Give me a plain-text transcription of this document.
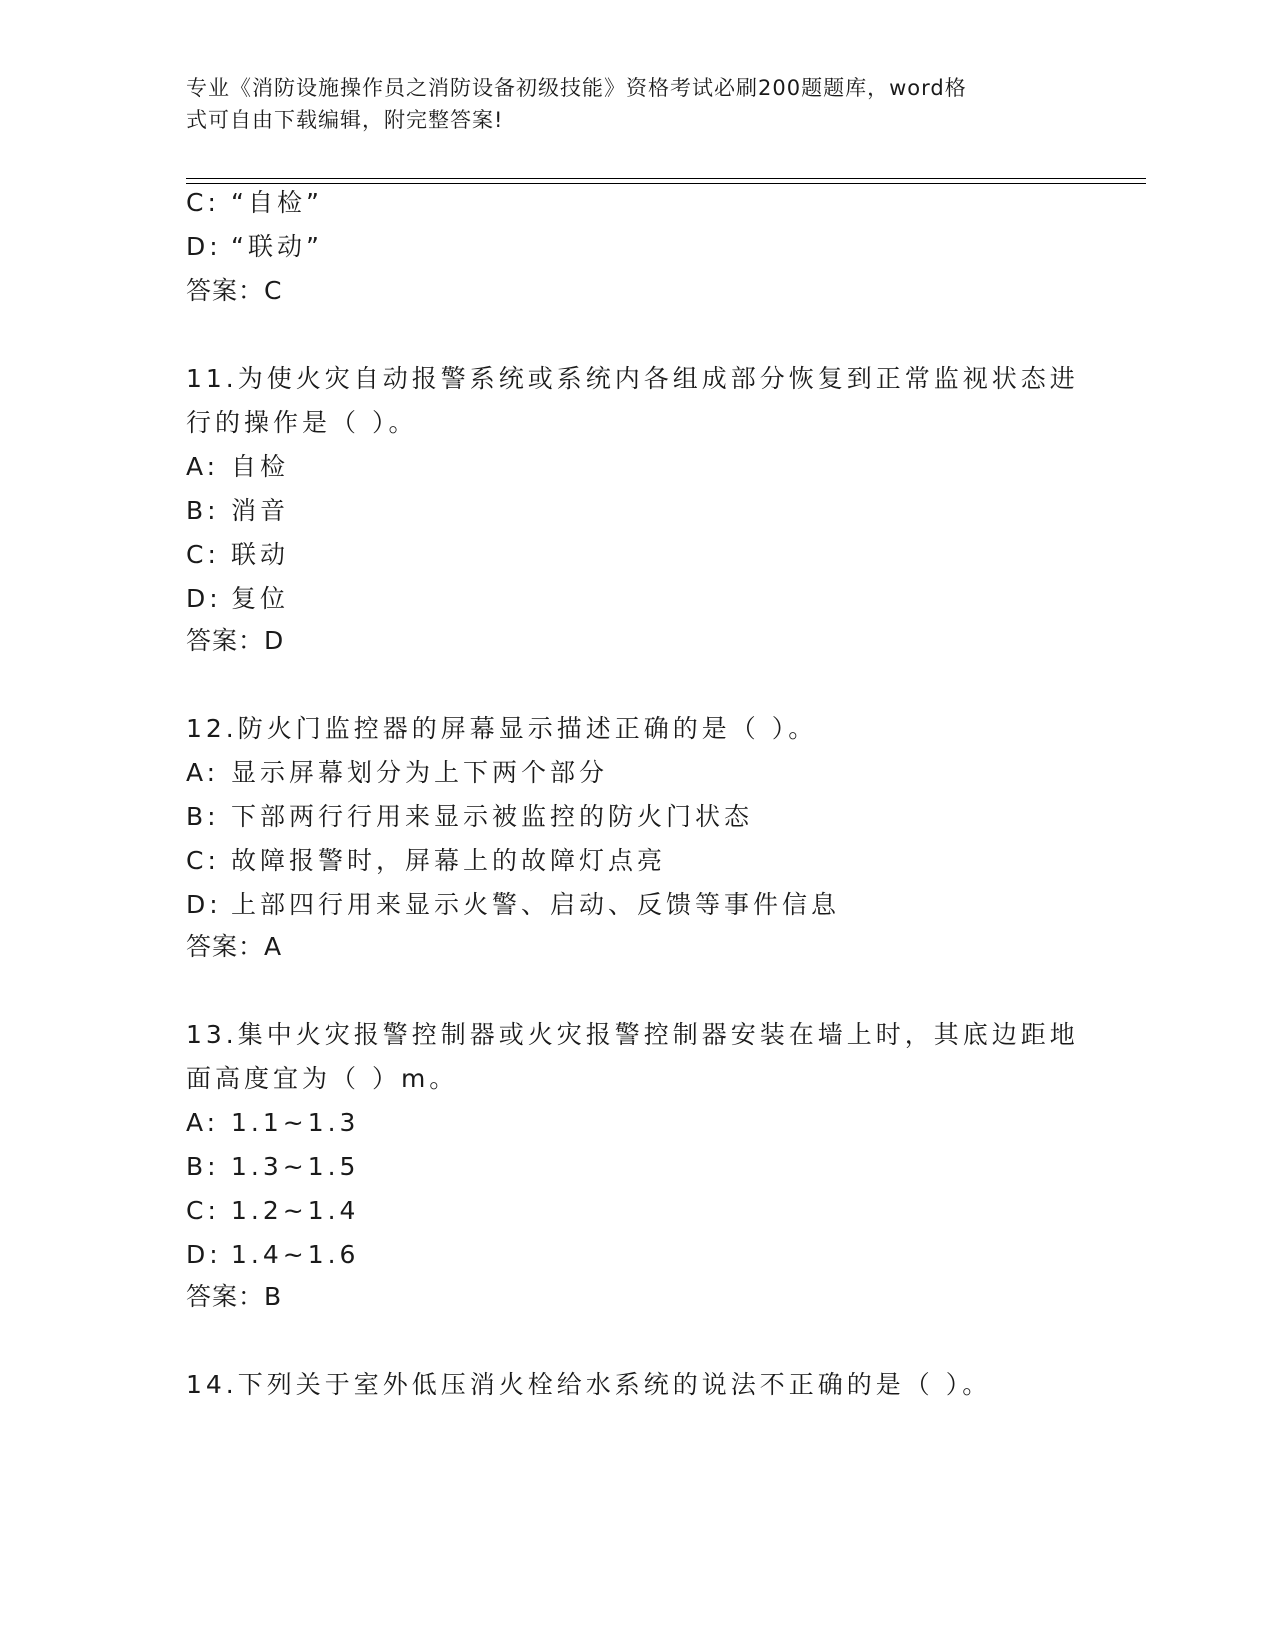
专业《消防设施操作员之消防设备初级技能》资格考试必刷200题题库，word格
式可自由下载编辑，附完整答案!
C: “自检”
D: “联动”
答案：C
11.为使火灾自动报警系统或系统内各组成部分恢复到正常监视状态进
行的操作是（ ）。
A: 自检
B: 消音
C: 联动
D: 复位
答案：D
12.防火门监控器的屏幕显示描述正确的是（ ）。
A: 显示屏幕划分为上下两个部分
B: 下部两行行用来显示被监控的防火门状态
C: 故障报警时，屏幕上的故障灯点亮
D: 上部四行用来显示火警、启动、反馈等事件信息
答案：A
13.集中火灾报警控制器或火灾报警控制器安装在墙上时，其底边距地
面高度宜为（ ）m。
A: 1.1~1.3
B: 1.3~1.5
C: 1.2~1.4
D: 1.4~1.6
答案：B
14.下列关于室外低压消火栓给水系统的说法不正确的是（ ）。
